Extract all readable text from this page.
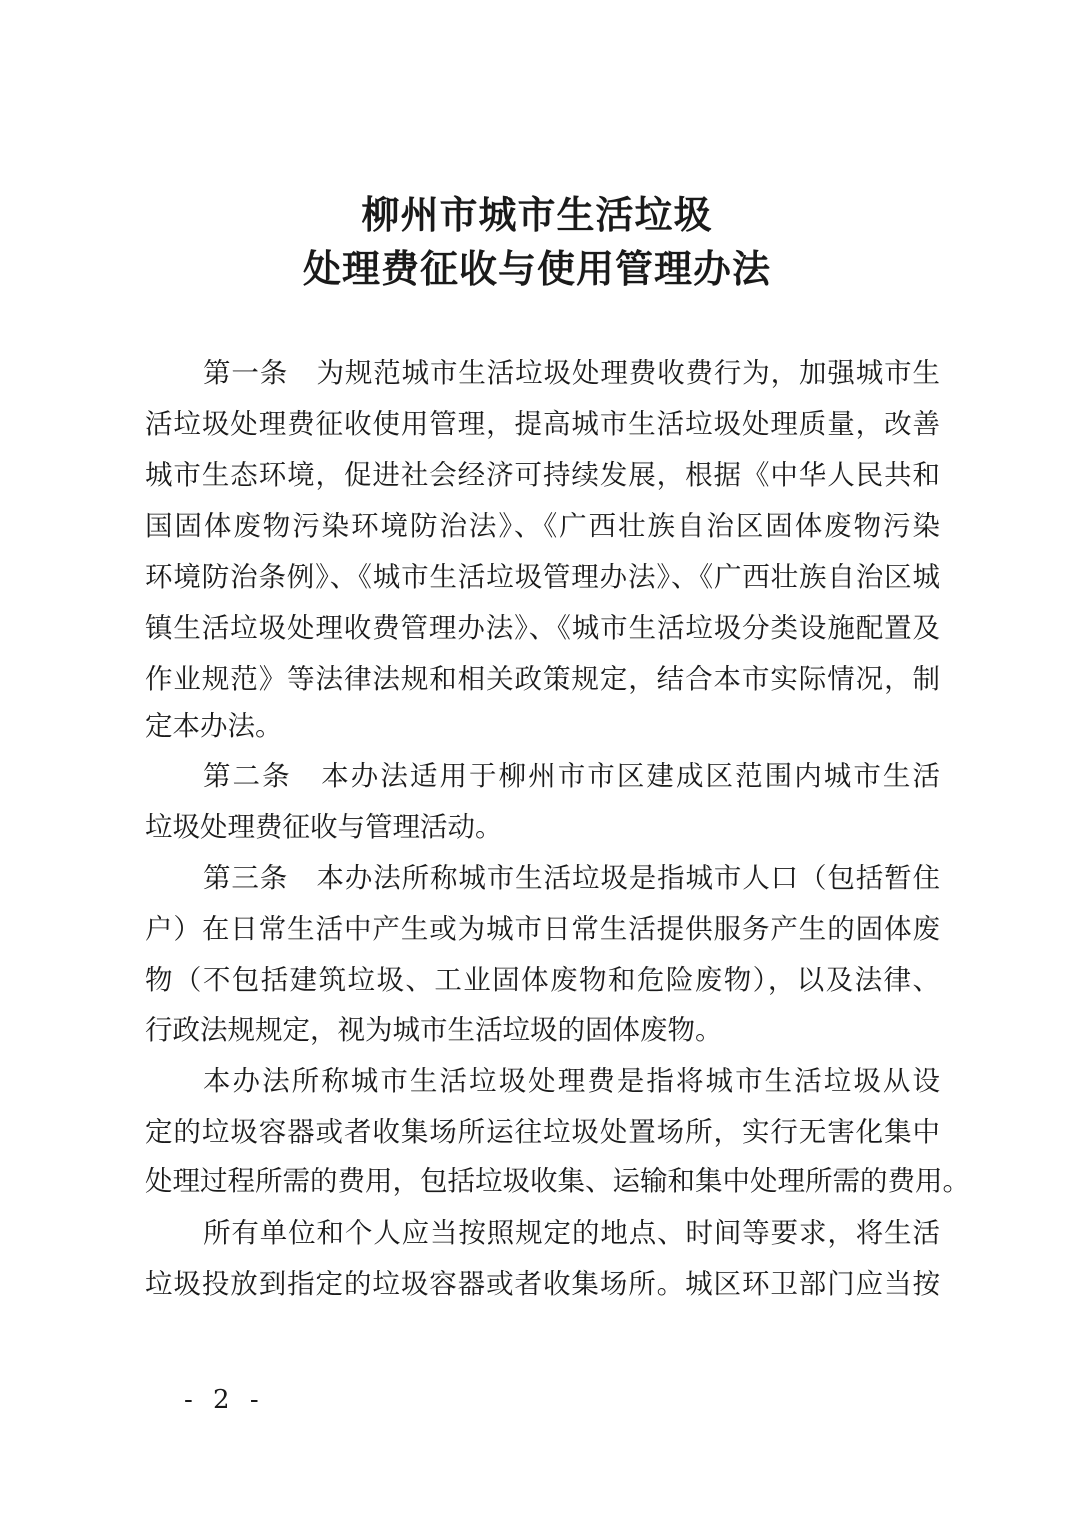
柳州市城市生活垃圾
处理费征收与使用管理办法
第一条　为规范城市生活垃圾处理费收费行为，加强城市生
活垃圾处理费征收使用管理，提高城市生活垃圾处理质量，改善
城市生态环境，促进社会经济可持续发展，根据《中华人民共和
国固体废物污染环境防治法》、《广西壮族自治区固体废物污染
环境防治条例》、《城市生活垃圾管理办法》、《广西壮族自治区城
镇生活垃圾处理收费管理办法》、《城市生活垃圾分类设施配置及
作业规范》等法律法规和相关政策规定，结合本市实际情况，制
定本办法。
第二条　本办法适用于柳州市市区建成区范围内城市生活
垃圾处理费征收与管理活动。
第三条　本办法所称城市生活垃圾是指城市人口（包括暂住
户）在日常生活中产生或为城市日常生活提供服务产生的固体废
物（不包括建筑垃圾、工业固体废物和危险废物），以及法律、
行政法规规定，视为城市生活垃圾的固体废物。
本办法所称城市生活垃圾处理费是指将城市生活垃圾从设
定的垃圾容器或者收集场所运往垃圾处置场所，实行无害化集中
处理过程所需的费用，包括垃圾收集、运输和集中处理所需的费用。
所有单位和个人应当按照规定的地点、时间等要求，将生活
垃圾投放到指定的垃圾容器或者收集场所。城区环卫部门应当按
- 2 -
